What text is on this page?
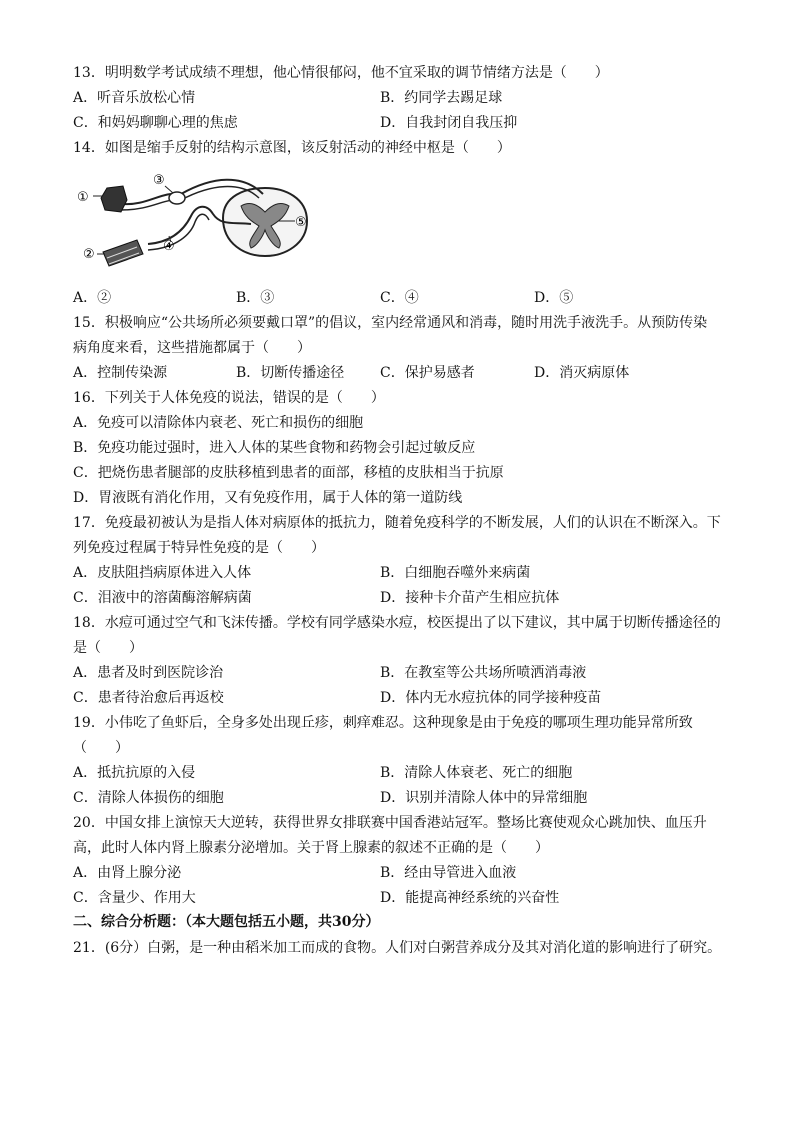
13．明明数学考试成绩不理想，他心情很郁闷，他不宜采取的调节情绪方法是（　　）
A．听音乐放松心情	B．约同学去踢足球
C．和妈妈聊聊心理的焦虑	D．自我封闭自我压抑
14．如图是缩手反射的结构示意图，该反射活动的神经中枢是（　　）
①
②
③
④
⑤
A．②	B．③	C．④	D．⑤
15．积极响应“公共场所必须要戴口罩”的倡议，室内经常通风和消毒，随时用洗手液洗手。从预防传染
病角度来看，这些措施都属于（　　）
A．控制传染源	B．切断传播途径	C．保护易感者	D．消灭病原体
16．下列关于人体免疫的说法，错误的是（　　）
A．免疫可以清除体内衰老、死亡和损伤的细胞
B．免疫功能过强时，进入人体的某些食物和药物会引起过敏反应
C．把烧伤患者腿部的皮肤移植到患者的面部，移植的皮肤相当于抗原
D．胃液既有消化作用，又有免疫作用，属于人体的第一道防线
17．免疫最初被认为是指人体对病原体的抵抗力，随着免疫科学的不断发展，人们的认识在不断深入。下
列免疫过程属于特异性免疫的是（　　）
A．皮肤阻挡病原体进入人体	B．白细胞吞噬外来病菌
C．泪液中的溶菌酶溶解病菌	D．接种卡介苗产生相应抗体
18．水痘可通过空气和飞沫传播。学校有同学感染水痘，校医提出了以下建议，其中属于切断传播途径的
是（　　）
A．患者及时到医院诊治	B．在教室等公共场所喷洒消毒液
C．患者待治愈后再返校	D．体内无水痘抗体的同学接种疫苗
19．小伟吃了鱼虾后，全身多处出现丘疹，刺痒难忍。这种现象是由于免疫的哪项生理功能异常所致
（　　）
A．抵抗抗原的入侵	B．清除人体衰老、死亡的细胞
C．清除人体损伤的细胞	D．识别并清除人体中的异常细胞
20．中国女排上演惊天大逆转，获得世界女排联赛中国香港站冠军。整场比赛使观众心跳加快、血压升
高，此时人体内肾上腺素分泌增加。关于肾上腺素的叙述不正确的是（　　）
A．由肾上腺分泌	B．经由导管进入血液
C．含量少、作用大	D．能提高神经系统的兴奋性
二、综合分析题：（本大题包括五小题，共30分）
21．(6分）白粥，是一种由稻米加工而成的食物。人们对白粥营养成分及其对消化道的影响进行了研究。
